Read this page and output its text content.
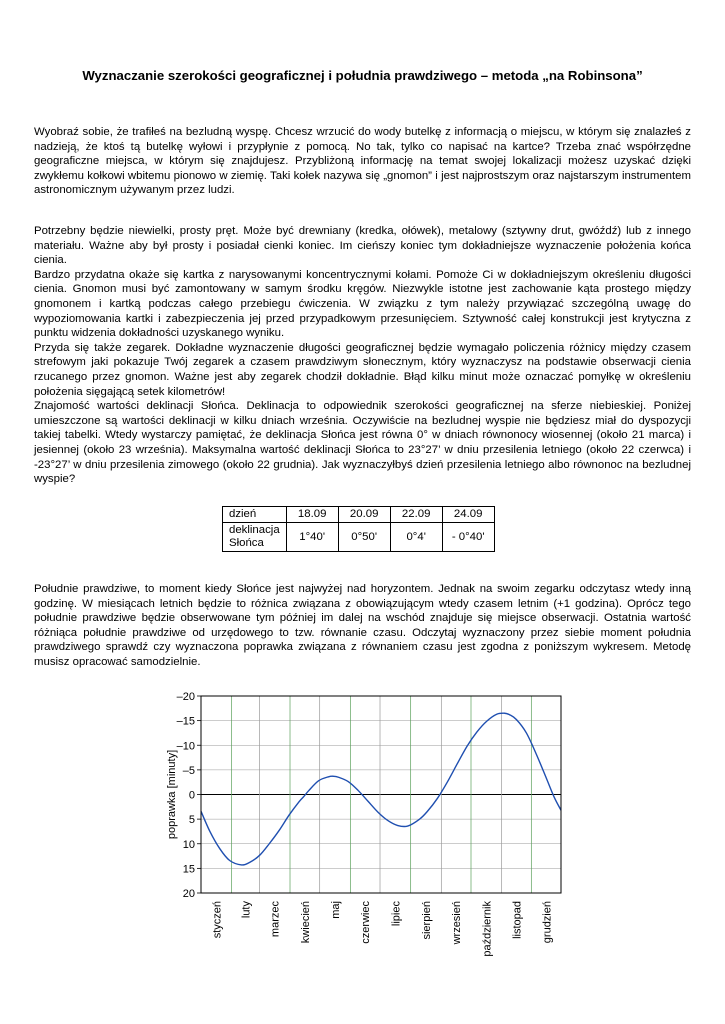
Wyznaczanie szerokości geograficznej i południa prawdziwego – metoda „na Robinsona”

Wyobraź sobie, że trafiłeś na bezludną wyspę. Chcesz wrzucić do wody butelkę z informacją o miejscu, w którym się znalazłeś z nadzieją, że ktoś tą butelkę wyłowi i przypłynie z pomocą. No tak, tylko co napisać na kartce? Trzeba znać współrzędne geograficzne miejsca, w którym się znajdujesz. Przybliżoną informację na temat swojej lokalizacji możesz uzyskać dzięki zwykłemu kołkowi wbitemu pionowo w ziemię. Taki kołek nazywa się „gnomon” i jest najprostszym oraz najstarszym instrumentem astronomicznym używanym przez ludzi.

Potrzebny będzie niewielki, prosty pręt. Może być drewniany (kredka, ołówek), metalowy (sztywny drut, gwóźdź) lub z innego materiału. Ważne aby był prosty i posiadał cienki koniec. Im cieńszy koniec tym dokładniejsze wyznaczenie położenia końca cienia.

Bardzo przydatna okaże się kartka z narysowanymi koncentrycznymi kołami. Pomoże Ci w dokładniejszym określeniu długości cienia. Gnomon musi być zamontowany w samym środku kręgów. Niezwykle istotne jest zachowanie kąta prostego między gnomonem i kartką podczas całego przebiegu ćwiczenia. W związku z tym należy przywiązać szczególną uwagę do wypoziomowania kartki i zabezpieczenia jej przed przypadkowym przesunięciem. Sztywność całej konstrukcji jest krytyczna z punktu widzenia dokładności uzyskanego wyniku.

Przyda się także zegarek. Dokładne wyznaczenie długości geograficznej będzie wymagało policzenia różnicy między czasem strefowym jaki pokazuje Twój zegarek a czasem prawdziwym słonecznym, który wyznaczysz na podstawie obserwacji cienia rzucanego przez gnomon. Ważne jest aby zegarek chodził dokładnie. Błąd kilku minut może oznaczać pomyłkę w określeniu położenia sięgającą setek kilometrów!

Znajomość wartości deklinacji Słońca. Deklinacja to odpowiednik szerokości geograficznej na sferze niebieskiej. Poniżej umieszczone są wartości deklinacji w kilku dniach września. Oczywiście na bezludnej wyspie nie będziesz miał do dyspozycji takiej tabelki. Wtedy wystarczy pamiętać, że deklinacja Słońca jest równa 0° w dniach równonocy wiosennej (około 21 marca) i jesiennej (około 23 września). Maksymalna wartość deklinacji Słońca to 23°27’ w dniu przesilenia letniego (około 22 czerwca) i -23°27’ w dniu przesilenia zimowego (około 22 grudnia). Jak wyznaczyłbyś dzień przesilenia letniego albo równonoc na bezludnej wyspie?

dzień	18.09	20.09	22.09	24.09
deklinacja
Słońca	1°40'	0°50'	0°4'	- 0°40'

Południe prawdziwe, to moment kiedy Słońce jest najwyżej nad horyzontem. Jednak na swoim zegarku odczytasz wtedy inną godzinę. W miesiącach letnich będzie to różnica związana z obowiązującym wtedy czasem letnim (+1 godzina). Oprócz tego południe prawdziwe będzie obserwowane tym później im dalej na wschód znajduje się miejsce obserwacji. Ostatnia wartość różniąca południe prawdziwe od urzędowego to tzw. równanie czasu. Odczytaj wyznaczony przez siebie moment południa prawdziwego sprawdź czy wyznaczona poprawka związana z równaniem czasu jest zgodna z poniższym wykresem. Metodę musisz opracować samodzielnie.

–20
–15
–10
–5
0
5
10
15
20
styczeń luty marzec kwiecień maj czerwiec lipiec sierpień wrzesień październik listopad grudzień
poprawka [minuty]
